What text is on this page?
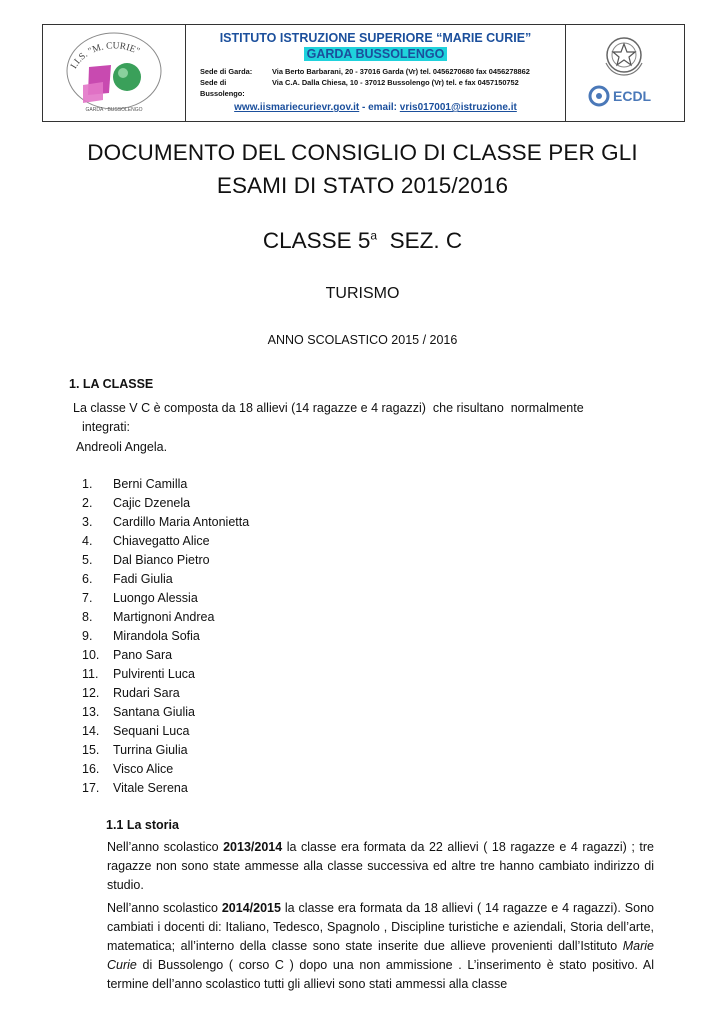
I.I.S. "M. CURIE"
GARDA · BUSSOLENGO
ISTITUTO ISTRUZIONE SUPERIORE “MARIE CURIE”
GARDA BUSSOLENGO
Sede di Garda:	Via Berto Barbarani, 20 - 37016 Garda (Vr) tel. 0456270680 fax 0456278862
Sede di Bussolengo:
Via C.A. Dalla Chiesa, 10 - 37012 Bussolengo (Vr) tel. e fax 0457150752
www.iismariecurievr.gov.it - email: vris017001@istruzione.it
ECDL
DOCUMENTO DEL CONSIGLIO DI CLASSE PER GLI
ESAMI DI STATO 2015/2016
CLASSE 5$^a$  SEZ. C
TURISMO
ANNO SCOLASTICO 2015 / 2016
1. LA CLASSE
La classe V C è composta da 18 allievi (14 ragazze e 4 ragazzi)  che risultano  normalmente
integrati:
Andreoli Angela.
1.	Berni Camilla
2.	Cajic Dzenela
3.	Cardillo Maria Antonietta
4.	Chiavegatto Alice
5.	Dal Bianco Pietro
6.	Fadi Giulia
7.	Luongo Alessia
8.	Martignoni Andrea
9.	Mirandola Sofia
10.	Pano Sara
11.	Pulvirenti Luca
12.	Rudari Sara
13.	Santana Giulia
14.	Sequani Luca
15.	Turrina Giulia
16.	Visco Alice
17.	Vitale Serena
1.1 La storia

Nell’anno scolastico 2013/2014 la classe era formata da 22 allievi ( 18 ragazze e 4 ragazzi) ; tre ragazze non sono state ammesse alla classe successiva ed altre tre hanno cambiato indirizzo di studio.

Nell’anno scolastico 2014/2015 la classe era formata da 18 allievi ( 14 ragazze e 4 ragazzi). Sono cambiati i docenti di: Italiano, Tedesco, Spagnolo , Discipline turistiche e aziendali, Storia dell’arte, matematica; all’interno della classe sono state inserite due allieve provenienti dall’Istituto Marie Curie di Bussolengo ( corso C ) dopo una non ammissione . L’inserimento è stato positivo. Al termine dell’anno scolastico tutti gli allievi sono stati ammessi alla classe
